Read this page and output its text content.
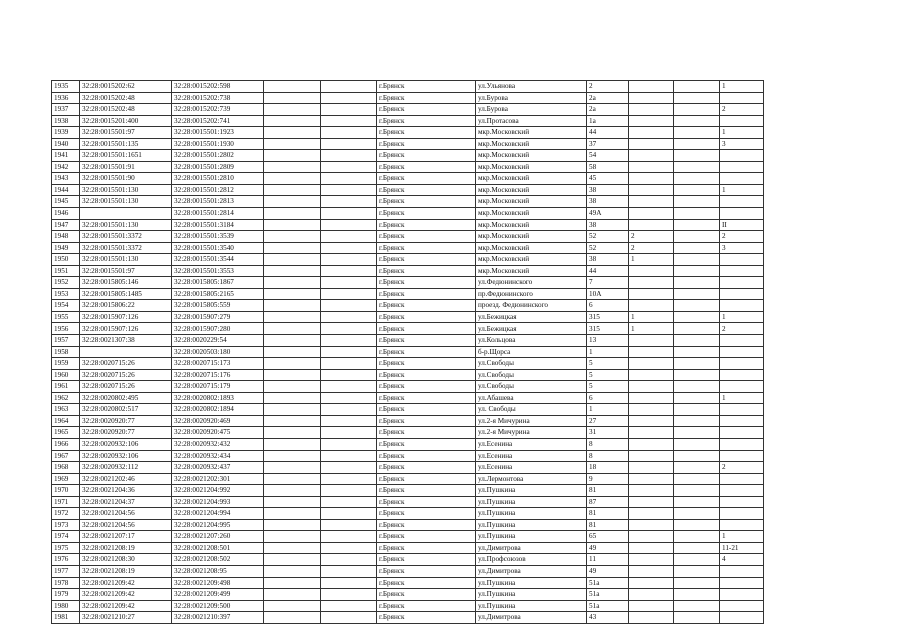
1935	32:28:0015202:62	32:28:0015202:598			г.Брянск	ул.Ульянова	2			1
1936	32:28:0015202:48	32:28:0015202:738			г.Брянск	ул.Бурова	2а			
1937	32:28:0015202:48	32:28:0015202:739			г.Брянск	ул.Бурова	2а			2
1938	32:28:0015201:400	32:28:0015202:741			г.Брянск	ул.Протасова	1а			
1939	32:28:0015501:97	32:28:0015501:1923			г.Брянск	мкр.Московский	44			1
1940	32:28:0015501:135	32:28:0015501:1930			г.Брянск	мкр.Московский	37			3
1941	32:28:0015501:1651	32:28:0015501:2802			г.Брянск	мкр.Московский	54			
1942	32:28:0015501:91	32:28:0015501:2809			г.Брянск	мкр.Московский	58			
1943	32:28:0015501:90	32:28:0015501:2810			г.Брянск	мкр.Московский	45			
1944	32:28:0015501:130	32:28:0015501:2812			г.Брянск	мкр.Московский	38			1
1945	32:28:0015501:130	32:28:0015501:2813			г.Брянск	мкр.Московский	38			
1946		32:28:0015501:2814			г.Брянск	мкр.Московский	49А			
1947	32:28:0015501:130	32:28:0015501:3184			г.Брянск	мкр.Московский	38			II
1948	32:28:0015501:3372	32:28:0015501:3539			г.Брянск	мкр.Московский	52	2		2
1949	32:28:0015501:3372	32:28:0015501:3540			г.Брянск	мкр.Московский	52	2		3
1950	32:28:0015501:130	32:28:0015501:3544			г.Брянск	мкр.Московский	38	1		
1951	32:28:0015501:97	32:28:0015501:3553			г.Брянск	мкр.Московский	44			
1952	32:28:0015805:146	32:28:0015805:1867			г.Брянск	ул.Федюнинского	7			
1953	32:28:0015805:1485	32:28:0015805:2165			г.Брянск	пр.Федюнинского	10А			
1954	32:28:0015806:22	32:28:0015805:559			г.Брянск	проезд. Федюнинского	6			
1955	32:28:0015907:126	32:28:0015907:279			г.Брянск	ул.Бежицкая	315	1		1
1956	32:28:0015907:126	32:28:0015907:280			г.Брянск	ул.Бежицкая	315	1		2
1957	32:28:0021307:38	32:28:0020229:54			г.Брянск	ул.Кольцова	13			
1958		32:28:0020503:180			г.Брянск	б-р.Щорса	1			
1959	32:28:0020715:26	32:28:0020715:173			г.Брянск	ул.Свободы	5			
1960	32:28:0020715:26	32:28:0020715:176			г.Брянск	ул.Свободы	5			
1961	32:28:0020715:26	32:28:0020715:179			г.Брянск	ул.Свободы	5			
1962	32:28:0020802:495	32:28:0020802:1893			г.Брянск	ул.Абашева	6			1
1963	32:28:0020802:517	32:28:0020802:1894			г.Брянск	ул. Свободы	1			
1964	32:28:0020920:77	32:28:0020920:469			г.Брянск	ул.2-я Мичурина	27			
1965	32:28:0020920:77	32:28:0020920:475			г.Брянск	ул.2-я Мичурина	31			
1966	32:28:0020932:106	32:28:0020932:432			г.Брянск	ул.Есенина	8			
1967	32:28:0020932:106	32:28:0020932:434			г.Брянск	ул.Есенина	8			
1968	32:28:0020932:112	32:28:0020932:437			г.Брянск	ул.Есенина	18			2
1969	32:28:0021202:46	32:28:0021202:301			г.Брянск	ул.Лермонтова	9			
1970	32:28:0021204:36	32:28:0021204:992			г.Брянск	ул.Пушкина	81			
1971	32:28:0021204:37	32:28:0021204:993			г.Брянск	ул.Пушкина	87			
1972	32:28:0021204:56	32:28:0021204:994			г.Брянск	ул.Пушкина	81			
1973	32:28:0021204:56	32:28:0021204:995			г.Брянск	ул.Пушкина	81			
1974	32:28:0021207:17	32:28:0021207:260			г.Брянск	ул.Пушкина	65			1
1975	32:28:0021208:19	32:28:0021208:501			г.Брянск	ул.Димитрова	49			11-21
1976	32:28:0021208:30	32:28:0021208:502			г.Брянск	ул.Профсоюзов	11			4
1977	32:28:0021208:19	32:28:0021208:95			г.Брянск	ул.Димитрова	49			
1978	32:28:0021209:42	32:28:0021209:498			г.Брянск	ул.Пушкина	51а			
1979	32:28:0021209:42	32:28:0021209:499			г.Брянск	ул.Пушкина	51а			
1980	32:28:0021209:42	32:28:0021209:500			г.Брянск	ул.Пушкина	51а			
1981	32:28:0021210:27	32:28:0021210:397			г.Брянск	ул.Димитрова	43			
